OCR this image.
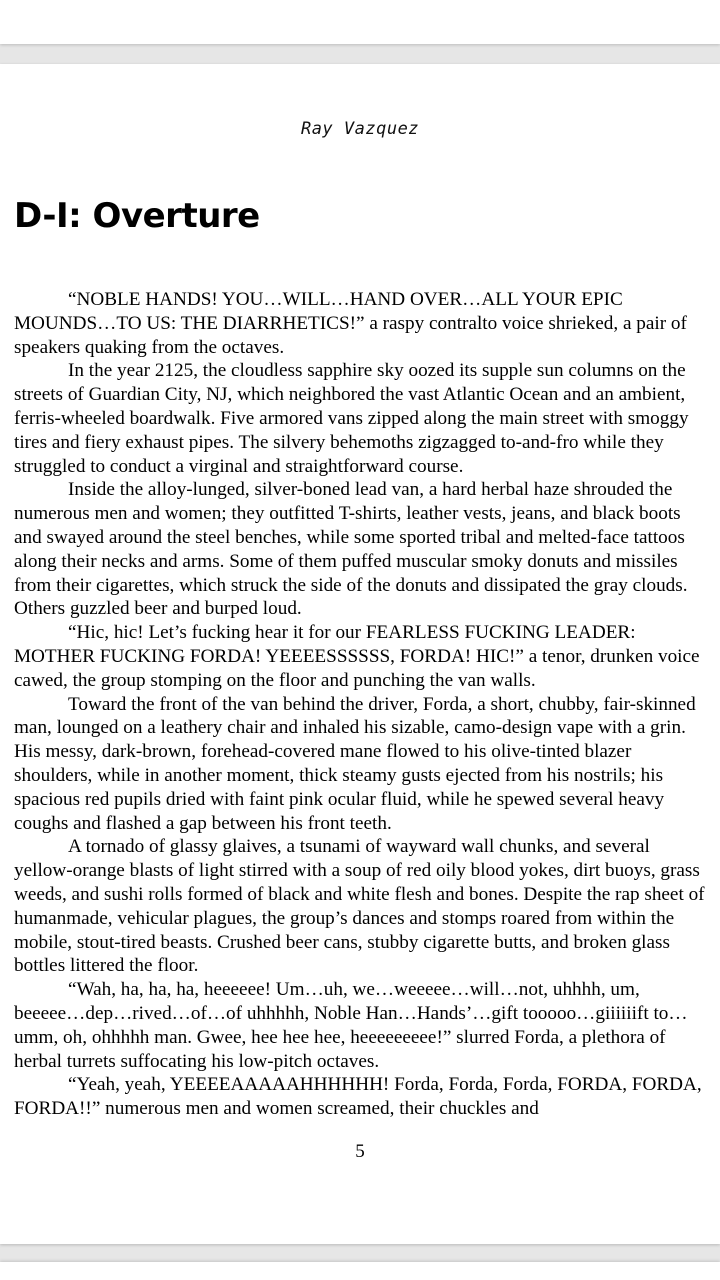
Ray Vazquez
D-I: Overture

“NOBLE HANDS! YOU…WILL…HAND OVER…ALL YOUR EPIC MOUNDS…TO US: THE DIARRHETICS!” a raspy contralto voice shrieked, a pair of speakers quaking from the octaves.

In the year 2125, the cloudless sapphire sky oozed its supple sun columns on the streets of Guardian City, NJ, which neighbored the vast Atlantic Ocean and an ambient, ferris-wheeled boardwalk. Five armored vans zipped along the main street with smoggy tires and fiery exhaust pipes. The silvery behemoths zigzagged to-and-fro while they struggled to conduct a virginal and straightforward course.

Inside the alloy-lunged, silver-boned lead van, a hard herbal haze shrouded the numerous men and women; they outfitted T-shirts, leather vests, jeans, and black boots and swayed around the steel benches, while some sported tribal and melted-face tattoos along their necks and arms. Some of them puffed muscular smoky donuts and missiles from their cigarettes, which struck the side of the donuts and dissipated the gray clouds. Others guzzled beer and burped loud.

“Hic, hic! Let’s fucking hear it for our FEARLESS FUCKING LEADER: MOTHER FUCKING FORDA! YEEEESSSSSS, FORDA! HIC!” a tenor, drunken voice cawed, the group stomping on the floor and punching the van walls.

Toward the front of the van behind the driver, Forda, a short, chubby, fair-skinned man, lounged on a leathery chair and inhaled his sizable, camo-design vape with a grin. His messy, dark-brown, forehead-covered mane flowed to his olive-tinted blazer shoulders, while in another moment, thick steamy gusts ejected from his nostrils; his spacious red pupils dried with faint pink ocular fluid, while he spewed several heavy coughs and flashed a gap between his front teeth.

A tornado of glassy glaives, a tsunami of wayward wall chunks, and several yellow-orange blasts of light stirred with a soup of red oily blood yokes, dirt buoys, grass weeds, and sushi rolls formed of black and white flesh and bones. Despite the rap sheet of humanmade, vehicular plagues, the group’s dances and stomps roared from within the mobile, stout-tired beasts. Crushed beer cans, stubby cigarette butts, and broken glass bottles littered the floor.

“Wah, ha, ha, ha, heeeeee! Um…uh, we…weeeee…will…not, uhhhh, um, beeeee…dep…rived…of…of uhhhhh, Noble Han…Hands’…gift tooooo…giiiiiift to…umm, oh, ohhhhh man. Gwee, hee hee hee, heeeeeeeee!” slurred Forda, a plethora of herbal turrets suffocating his low-pitch octaves.

“Yeah, yeah, YEEEEAAAAAHHHHHH! Forda, Forda, Forda, FORDA, FORDA, FORDA!!” numerous men and women screamed, their chuckles and

5
